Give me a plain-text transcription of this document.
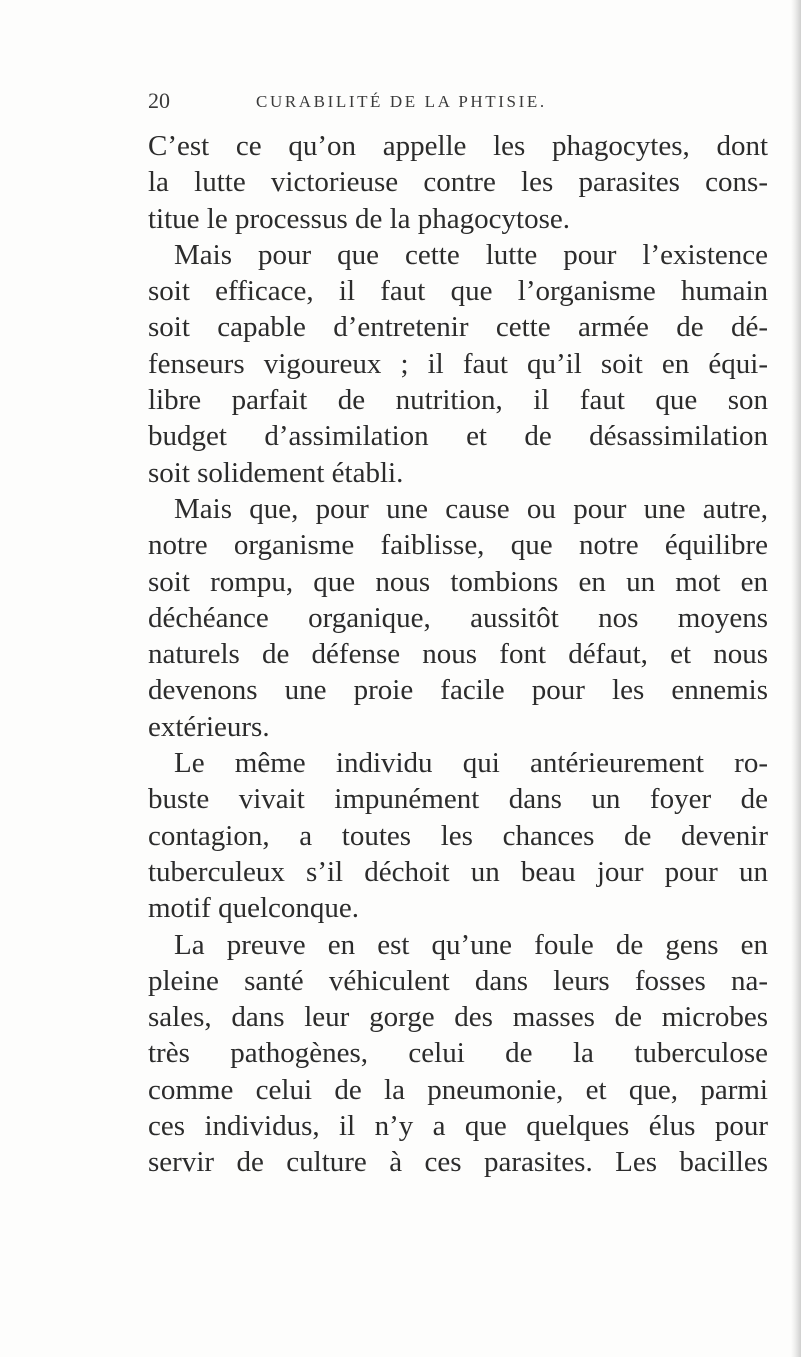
20	CURABILITÉ DE LA PHTISIE.
C’est ce qu’on appelle les phagocytes, dont
la lutte victorieuse contre les parasites cons-
titue le processus de la phagocytose.
Mais pour que cette lutte pour l’existence
soit efficace, il faut que l’organisme humain
soit capable d’entretenir cette armée de dé-
fenseurs vigoureux ; il faut qu’il soit en équi-
libre parfait de nutrition, il faut que son
budget d’assimilation et de désassimilation
soit solidement établi.
Mais que, pour une cause ou pour une autre,
notre organisme faiblisse, que notre équilibre
soit rompu, que nous tombions en un mot en
déchéance organique, aussitôt nos moyens
naturels de défense nous font défaut, et nous
devenons une proie facile pour les ennemis
extérieurs.
Le même individu qui antérieurement ro-
buste vivait impunément dans un foyer de
contagion, a toutes les chances de devenir
tuberculeux s’il déchoit un beau jour pour un
motif quelconque.
La preuve en est qu’une foule de gens en
pleine santé véhiculent dans leurs fosses na-
sales, dans leur gorge des masses de microbes
très pathogènes, celui de la tuberculose
comme celui de la pneumonie, et que, parmi
ces individus, il n’y a que quelques élus pour
servir de culture à ces parasites. Les bacilles
